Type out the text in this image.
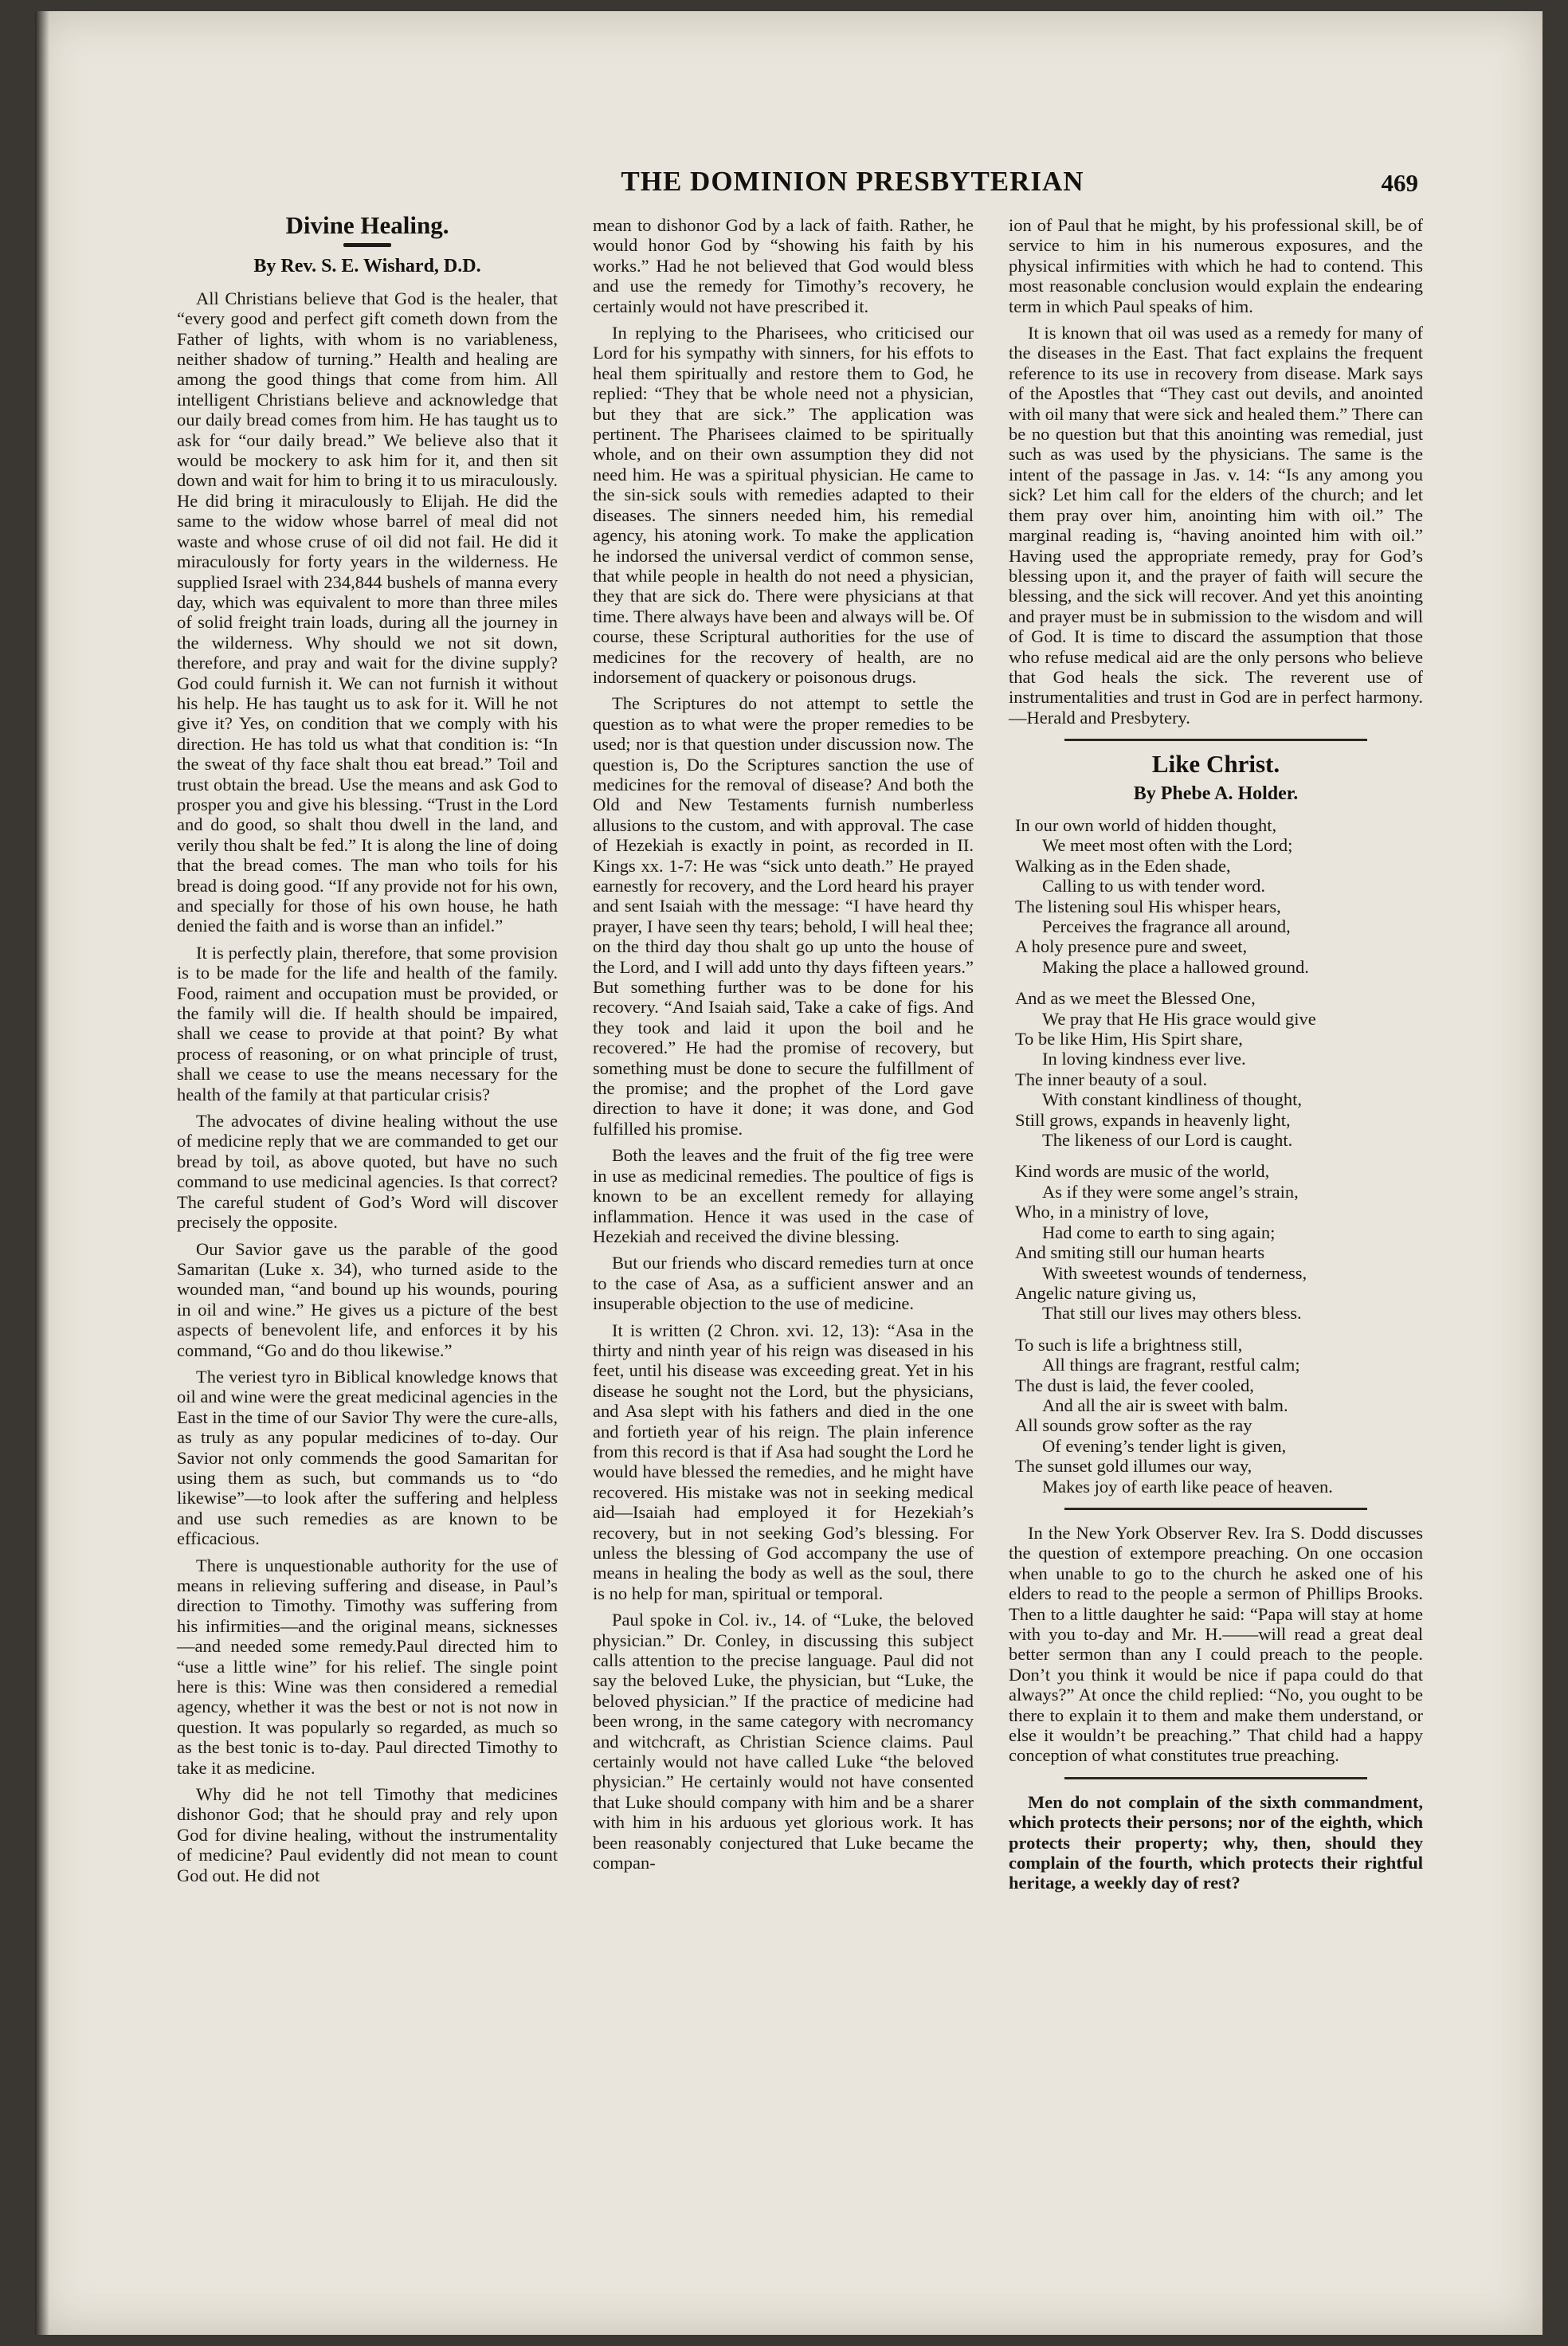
THE DOMINION PRESBYTERIAN	469
Divine Healing.
By Rev. S. E. Wishard, D.D.

All Christians believe that God is the healer, that “every good and perfect gift cometh down from the Father of lights, with whom is no variableness, neither shadow of turning.” Health and healing are among the good things that come from him. All intelligent Christians believe and acknowledge that our daily bread comes from him. He has taught us to ask for “our daily bread.” We believe also that it would be mockery to ask him for it, and then sit down and wait for him to bring it to us miraculously. He did bring it miraculously to Elijah. He did the same to the widow whose barrel of meal did not waste and whose cruse of oil did not fail. He did it miraculously for forty years in the wilderness. He supplied Israel with 234,844 bushels of manna every day, which was equivalent to more than three miles of solid freight train loads, during all the journey in the wilderness. Why should we not sit down, therefore, and pray and wait for the divine supply? God could furnish it. We can not furnish it without his help. He has taught us to ask for it. Will he not give it? Yes, on condition that we comply with his direction. He has told us what that condition is: “In the sweat of thy face shalt thou eat bread.” Toil and trust obtain the bread. Use the means and ask God to prosper you and give his blessing. “Trust in the Lord and do good, so shalt thou dwell in the land, and verily thou shalt be fed.” It is along the line of doing that the bread comes. The man who toils for his bread is doing good. “If any provide not for his own, and specially for those of his own house, he hath denied the faith and is worse than an infidel.”

It is perfectly plain, therefore, that some provision is to be made for the life and health of the family. Food, raiment and occupation must be provided, or the family will die. If health should be impaired, shall we cease to provide at that point? By what process of reasoning, or on what principle of trust, shall we cease to use the means necessary for the health of the family at that particular crisis?

The advocates of divine healing without the use of medicine reply that we are commanded to get our bread by toil, as above quoted, but have no such command to use medicinal agencies. Is that correct? The careful student of God’s Word will discover precisely the opposite.

Our Savior gave us the parable of the good Samaritan (Luke x. 34), who turned aside to the wounded man, “and bound up his wounds, pouring in oil and wine.” He gives us a picture of the best aspects of benevolent life, and enforces it by his command, “Go and do thou likewise.”

The veriest tyro in Biblical knowledge knows that oil and wine were the great medicinal agencies in the East in the time of our Savior Thy were the cure-alls, as truly as any popular medicines of to-day. Our Savior not only commends the good Samaritan for using them as such, but commands us to “do likewise”—to look after the suffering and helpless and use such remedies as are known to be efficacious.

There is unquestionable authority for the use of means in relieving suffering and disease, in Paul’s direction to Timothy. Timothy was suffering from his infirmities—and the original means, sicknesses—and needed some remedy.Paul directed him to “use a little wine” for his relief. The single point here is this: Wine was then considered a remedial agency, whether it was the best or not is not now in question. It was popularly so regarded, as much so as the best tonic is to-day. Paul directed Timothy to take it as medicine.

Why did he not tell Timothy that medicines dishonor God; that he should pray and rely upon God for divine healing, without the instrumentality of medicine? Paul evidently did not mean to count God out. He did not

mean to dishonor God by a lack of faith. Rather, he would honor God by “showing his faith by his works.” Had he not believed that God would bless and use the remedy for Timothy’s recovery, he certainly would not have prescribed it.

In replying to the Pharisees, who criticised our Lord for his sympathy with sinners, for his effots to heal them spiritually and restore them to God, he replied: “They that be whole need not a physician, but they that are sick.” The application was pertinent. The Pharisees claimed to be spiritually whole, and on their own assumption they did not need him. He was a spiritual physician. He came to the sin-sick souls with remedies adapted to their diseases. The sinners needed him, his remedial agency, his atoning work. To make the application he indorsed the universal verdict of common sense, that while people in health do not need a physician, they that are sick do. There were physicians at that time. There always have been and always will be. Of course, these Scriptural authorities for the use of medicines for the recovery of health, are no indorsement of quackery or poisonous drugs.

The Scriptures do not attempt to settle the question as to what were the proper remedies to be used; nor is that question under discussion now. The question is, Do the Scriptures sanction the use of medicines for the removal of disease? And both the Old and New Testaments furnish numberless allusions to the custom, and with approval. The case of Hezekiah is exactly in point, as recorded in II. Kings xx. 1-7: He was “sick unto death.” He prayed earnestly for recovery, and the Lord heard his prayer and sent Isaiah with the message: “I have heard thy prayer, I have seen thy tears; behold, I will heal thee; on the third day thou shalt go up unto the house of the Lord, and I will add unto thy days fifteen years.” But something further was to be done for his recovery. “And Isaiah said, Take a cake of figs. And they took and laid it upon the boil and he recovered.” He had the promise of recovery, but something must be done to secure the fulfillment of the promise; and the prophet of the Lord gave direction to have it done; it was done, and God fulfilled his promise.

Both the leaves and the fruit of the fig tree were in use as medicinal remedies. The poultice of figs is known to be an excellent remedy for allaying inflammation. Hence it was used in the case of Hezekiah and received the divine blessing.

But our friends who discard remedies turn at once to the case of Asa, as a sufficient answer and an insuperable objection to the use of medicine.

It is written (2 Chron. xvi. 12, 13): “Asa in the thirty and ninth year of his reign was diseased in his feet, until his disease was exceeding great. Yet in his disease he sought not the Lord, but the physicians, and Asa slept with his fathers and died in the one and fortieth year of his reign. The plain inference from this record is that if Asa had sought the Lord he would have blessed the remedies, and he might have recovered. His mistake was not in seeking medical aid—Isaiah had employed it for Hezekiah’s recovery, but in not seeking God’s blessing. For unless the blessing of God accompany the use of means in healing the body as well as the soul, there is no help for man, spiritual or temporal.

Paul spoke in Col. iv., 14. of “Luke, the beloved physician.” Dr. Conley, in discussing this subject calls attention to the precise language. Paul did not say the beloved Luke, the physician, but “Luke, the beloved physician.” If the practice of medicine had been wrong, in the same category with necromancy and witchcraft, as Christian Science claims. Paul certainly would not have called Luke “the beloved physician.” He certainly would not have consented that Luke should company with him and be a sharer with him in his arduous yet glorious work. It has been reasonably conjectured that Luke became the compan-

ion of Paul that he might, by his professional skill, be of service to him in his numerous exposures, and the physical infirmities with which he had to contend. This most reasonable conclusion would explain the endearing term in which Paul speaks of him.

It is known that oil was used as a remedy for many of the diseases in the East. That fact explains the frequent reference to its use in recovery from disease. Mark says of the Apostles that “They cast out devils, and anointed with oil many that were sick and healed them.” There can be no question but that this anointing was remedial, just such as was used by the physicians. The same is the intent of the passage in Jas. v. 14: “Is any among you sick? Let him call for the elders of the church; and let them pray over him, anointing him with oil.” The marginal reading is, “having anointed him with oil.” Having used the appropriate remedy, pray for God’s blessing upon it, and the prayer of faith will secure the blessing, and the sick will recover. And yet this anointing and prayer must be in submission to the wisdom and will of God. It is time to discard the assumption that those who refuse medical aid are the only persons who believe that God heals the sick. The reverent use of instrumentalities and trust in God are in perfect harmony. —Herald and Presbytery.

Like Christ.
By Phebe A. Holder.
In our own world of hidden thought,
We meet most often with the Lord;
Walking as in the Eden shade,
Calling to us with tender word.
The listening soul His whisper hears,
Perceives the fragrance all around,
A holy presence pure and sweet,
Making the place a hallowed ground.
And as we meet the Blessed One,
We pray that He His grace would give
To be like Him, His Spirt share,
In loving kindness ever live.
The inner beauty of a soul.
With constant kindliness of thought,
Still grows, expands in heavenly light,
The likeness of our Lord is caught.
Kind words are music of the world,
As if they were some angel’s strain,
Who, in a ministry of love,
Had come to earth to sing again;
And smiting still our human hearts
With sweetest wounds of tenderness,
Angelic nature giving us,
That still our lives may others bless.
To such is life a brightness still,
All things are fragrant, restful calm;
The dust is laid, the fever cooled,
And all the air is sweet with balm.
All sounds grow softer as the ray
Of evening’s tender light is given,
The sunset gold illumes our way,
Makes joy of earth like peace of heaven.

In the New York Observer Rev. Ira S. Dodd discusses the question of extempore preaching. On one occasion when unable to go to the church he asked one of his elders to read to the people a sermon of Phillips Brooks. Then to a little daughter he said: “Papa will stay at home with you to-day and Mr. H.——will read a great deal better sermon than any I could preach to the people. Don’t you think it would be nice if papa could do that always?” At once the child replied: “No, you ought to be there to explain it to them and make them understand, or else it wouldn’t be preaching.” That child had a happy conception of what constitutes true preaching.

Men do not complain of the sixth commandment, which protects their persons; nor of the eighth, which protects their property; why, then, should they complain of the fourth, which protects their rightful heritage, a weekly day of rest?
